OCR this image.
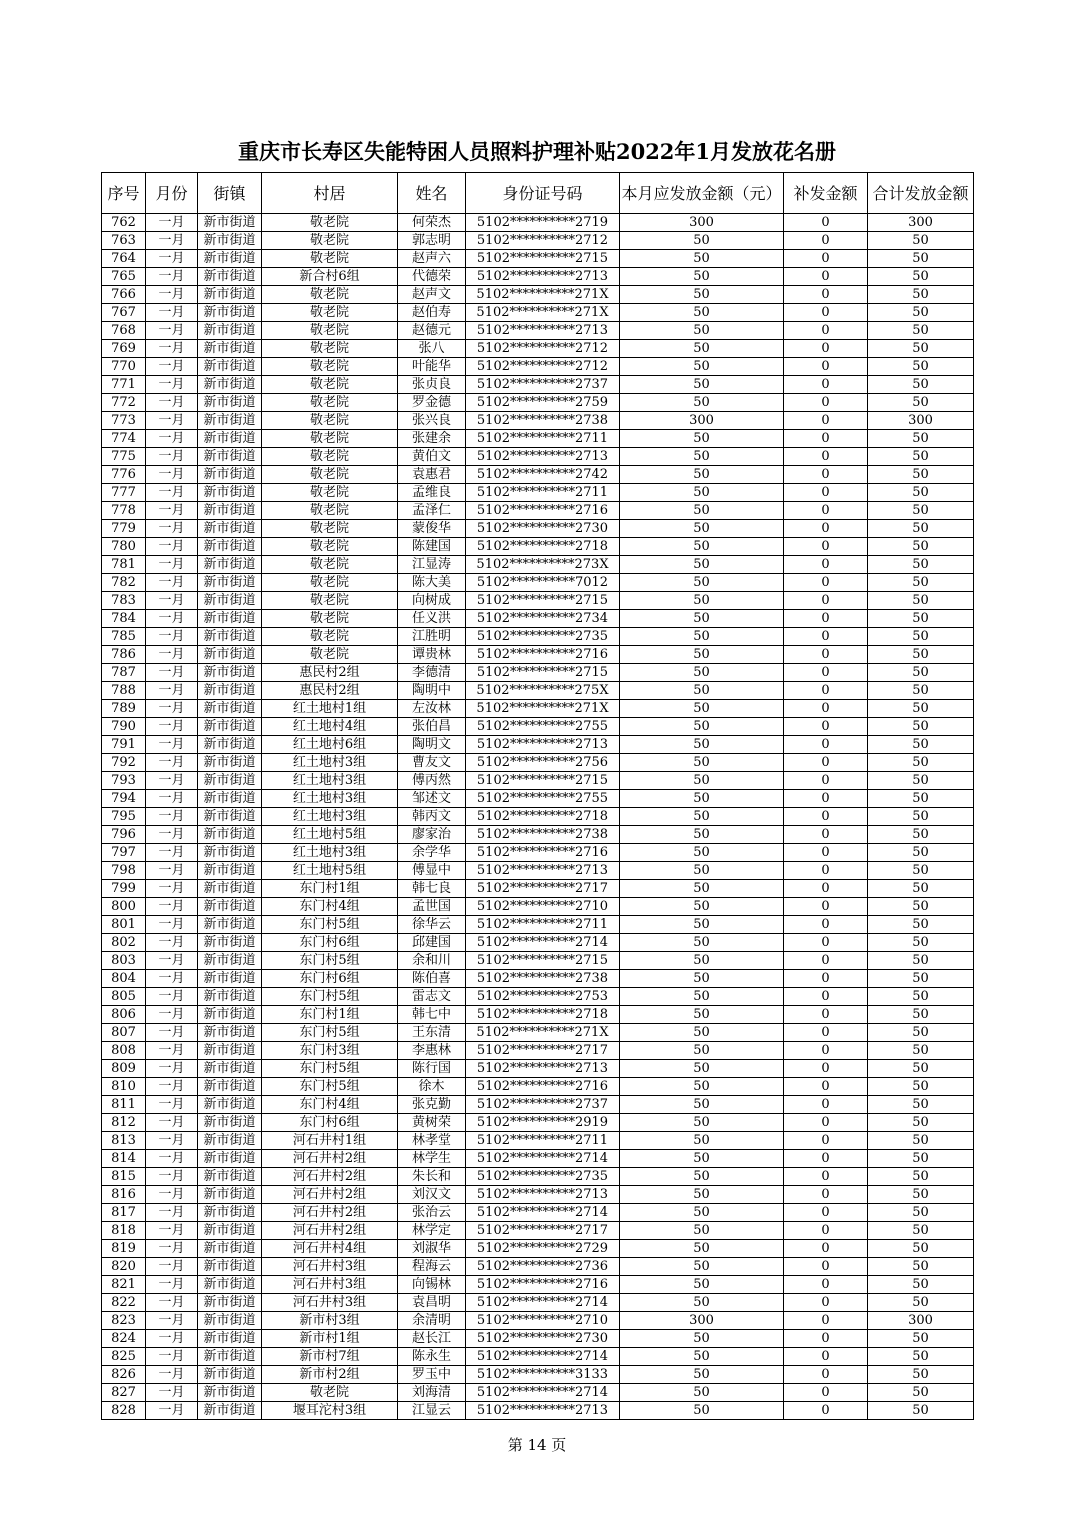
重庆市长寿区失能特困人员照料护理补贴2022年1月发放花名册
序号	月份	街镇	村居	姓名	身份证号码	本月应发放金额（元）	补发金额	合计发放金额
762	一月	新市街道	敬老院	何荣杰	5102**********2719	300	0	300
763	一月	新市街道	敬老院	郭志明	5102**********2712	50	0	50
764	一月	新市街道	敬老院	赵声六	5102**********2715	50	0	50
765	一月	新市街道	新合村6组	代德荣	5102**********2713	50	0	50
766	一月	新市街道	敬老院	赵声文	5102**********271X	50	0	50
767	一月	新市街道	敬老院	赵伯寿	5102**********271X	50	0	50
768	一月	新市街道	敬老院	赵德元	5102**********2713	50	0	50
769	一月	新市街道	敬老院	张八	5102**********2712	50	0	50
770	一月	新市街道	敬老院	叶能华	5102**********2712	50	0	50
771	一月	新市街道	敬老院	张贞良	5102**********2737	50	0	50
772	一月	新市街道	敬老院	罗金德	5102**********2759	50	0	50
773	一月	新市街道	敬老院	张兴良	5102**********2738	300	0	300
774	一月	新市街道	敬老院	张建余	5102**********2711	50	0	50
775	一月	新市街道	敬老院	黄伯文	5102**********2713	50	0	50
776	一月	新市街道	敬老院	袁惠君	5102**********2742	50	0	50
777	一月	新市街道	敬老院	孟维良	5102**********2711	50	0	50
778	一月	新市街道	敬老院	孟泽仁	5102**********2716	50	0	50
779	一月	新市街道	敬老院	蒙俊华	5102**********2730	50	0	50
780	一月	新市街道	敬老院	陈建国	5102**********2718	50	0	50
781	一月	新市街道	敬老院	江显涛	5102**********273X	50	0	50
782	一月	新市街道	敬老院	陈大美	5102**********7012	50	0	50
783	一月	新市街道	敬老院	向树成	5102**********2715	50	0	50
784	一月	新市街道	敬老院	任义洪	5102**********2734	50	0	50
785	一月	新市街道	敬老院	江胜明	5102**********2735	50	0	50
786	一月	新市街道	敬老院	谭贵林	5102**********2716	50	0	50
787	一月	新市街道	惠民村2组	李德清	5102**********2715	50	0	50
788	一月	新市街道	惠民村2组	陶明中	5102**********275X	50	0	50
789	一月	新市街道	红土地村1组	左汝林	5102**********271X	50	0	50
790	一月	新市街道	红土地村4组	张伯昌	5102**********2755	50	0	50
791	一月	新市街道	红土地村6组	陶明文	5102**********2713	50	0	50
792	一月	新市街道	红土地村3组	曹友文	5102**********2756	50	0	50
793	一月	新市街道	红土地村3组	傅丙然	5102**********2715	50	0	50
794	一月	新市街道	红土地村3组	邹述文	5102**********2755	50	0	50
795	一月	新市街道	红土地村3组	韩丙文	5102**********2718	50	0	50
796	一月	新市街道	红土地村5组	廖家治	5102**********2738	50	0	50
797	一月	新市街道	红土地村3组	余学华	5102**********2716	50	0	50
798	一月	新市街道	红土地村5组	傅显中	5102**********2713	50	0	50
799	一月	新市街道	东门村1组	韩七良	5102**********2717	50	0	50
800	一月	新市街道	东门村4组	孟世国	5102**********2710	50	0	50
801	一月	新市街道	东门村5组	徐华云	5102**********2711	50	0	50
802	一月	新市街道	东门村6组	邱建国	5102**********2714	50	0	50
803	一月	新市街道	东门村5组	余和川	5102**********2715	50	0	50
804	一月	新市街道	东门村6组	陈伯喜	5102**********2738	50	0	50
805	一月	新市街道	东门村5组	雷志文	5102**********2753	50	0	50
806	一月	新市街道	东门村1组	韩七中	5102**********2718	50	0	50
807	一月	新市街道	东门村5组	王东清	5102**********271X	50	0	50
808	一月	新市街道	东门村3组	李惠林	5102**********2717	50	0	50
809	一月	新市街道	东门村5组	陈行国	5102**********2713	50	0	50
810	一月	新市街道	东门村5组	徐木	5102**********2716	50	0	50
811	一月	新市街道	东门村4组	张克勤	5102**********2737	50	0	50
812	一月	新市街道	东门村6组	黄树荣	5102**********2919	50	0	50
813	一月	新市街道	河石井村1组	林孝堂	5102**********2711	50	0	50
814	一月	新市街道	河石井村2组	林学生	5102**********2714	50	0	50
815	一月	新市街道	河石井村2组	朱长和	5102**********2735	50	0	50
816	一月	新市街道	河石井村2组	刘汉文	5102**********2713	50	0	50
817	一月	新市街道	河石井村2组	张治云	5102**********2714	50	0	50
818	一月	新市街道	河石井村2组	林学定	5102**********2717	50	0	50
819	一月	新市街道	河石井村4组	刘淑华	5102**********2729	50	0	50
820	一月	新市街道	河石井村3组	程海云	5102**********2736	50	0	50
821	一月	新市街道	河石井村3组	向锡林	5102**********2716	50	0	50
822	一月	新市街道	河石井村3组	袁昌明	5102**********2714	50	0	50
823	一月	新市街道	新市村3组	余清明	5102**********2710	300	0	300
824	一月	新市街道	新市村1组	赵长江	5102**********2730	50	0	50
825	一月	新市街道	新市村7组	陈永生	5102**********2714	50	0	50
826	一月	新市街道	新市村2组	罗玉中	5102**********3133	50	0	50
827	一月	新市街道	敬老院	刘海清	5102**********2714	50	0	50
828	一月	新市街道	堰耳沱村3组	江显云	5102**********2713	50	0	50
第 14 页
